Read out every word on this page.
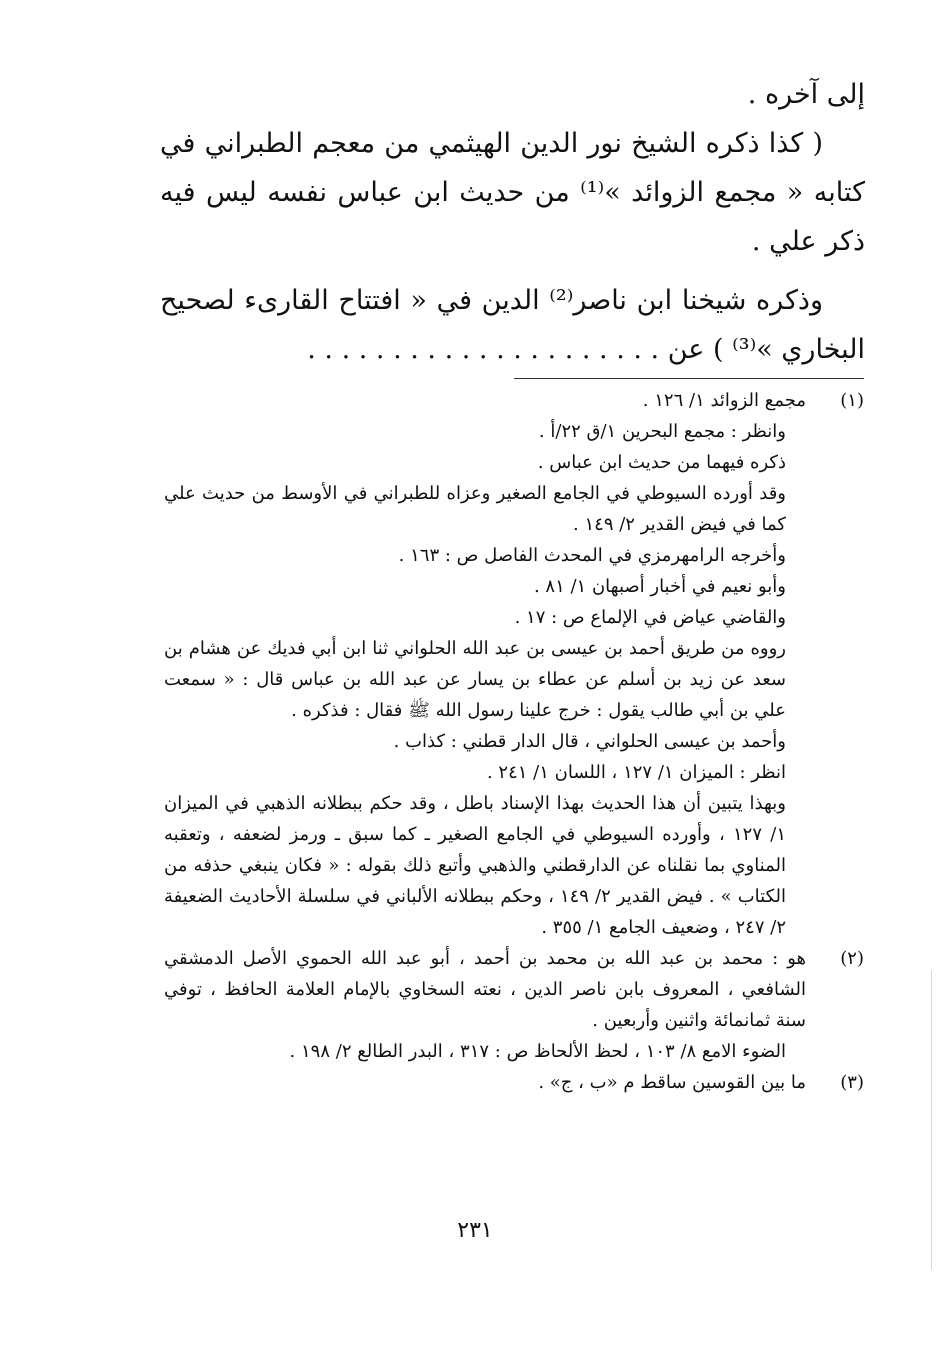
إلى آخره .

( كذا ذكره الشيخ نور الدين الهيثمي من معجم الطبراني في كتابه « مجمع الزوائد »⁽¹⁾ من حديث ابن عباس نفسه ليس فيه ذكر علي .

وذكره شيخنا ابن ناصر⁽²⁾ الدين في « افتتاح القارىء لصحيح البخاري »⁽³⁾ ) عن . . . . . . . . . . . . . . . . . . . . .

(١)

مجمع الزوائد ١/ ١٢٦ .

وانظر : مجمع البحرين ١/ق ٢٢/أ .

ذكره فيهما من حديث ابن عباس .

وقد أورده السيوطي في الجامع الصغير وعزاه للطبراني في الأوسط من حديث علي كما في فيض القدير ٢/ ١٤٩ .

وأخرجه الرامهرمزي في المحدث الفاصل ص : ١٦٣ .

وأبو نعيم في أخبار أصبهان ١/ ٨١ .

والقاضي عياض في الإلماع ص : ١٧ .

رووه من طريق أحمد بن عيسى بن عبد الله الحلواني ثنا ابن أبي فديك عن هشام بن سعد عن زيد بن أسلم عن عطاء بن يسار عن عبد الله بن عباس قال : « سمعت علي بن أبي طالب يقول : خرج علينا رسول الله ﷺ فقال : فذكره .

وأحمد بن عيسى الحلواني ، قال الدار قطني : كذاب .

انظر : الميزان ١/ ١٢٧ ، اللسان ١/ ٢٤١ .

وبهذا يتبين أن هذا الحديث بهذا الإسناد باطل ، وقد حكم ببطلانه الذهبي في الميزان ١/ ١٢٧ ، وأورده السيوطي في الجامع الصغير ـ كما سبق ـ ورمز لضعفه ، وتعقبه المناوي بما نقلناه عن الدارقطني والذهبي وأتبع ذلك بقوله : « فكان ينبغي حذفه من الكتاب » . فيض القدير ٢/ ١٤٩ ، وحكم ببطلانه الألباني في سلسلة الأحاديث الضعيفة ٢/ ٢٤٧ ، وضعيف الجامع ١/ ٣٥٥ .

(٢)

هو : محمد بن عبد الله بن محمد بن أحمد ، أبو عبد الله الحموي الأصل الدمشقي الشافعي ، المعروف بابن ناصر الدين ، نعته السخاوي بالإمام العلامة الحافظ ، توفي سنة ثمانمائة واثنين وأربعين .

الضوء الامع ٨/ ١٠٣ ، لحظ الألحاظ ص : ٣١٧ ، البدر الطالع ٢/ ١٩٨ .

(٣)

ما بين القوسين ساقط م «ب ، ج» .

٢٣١
